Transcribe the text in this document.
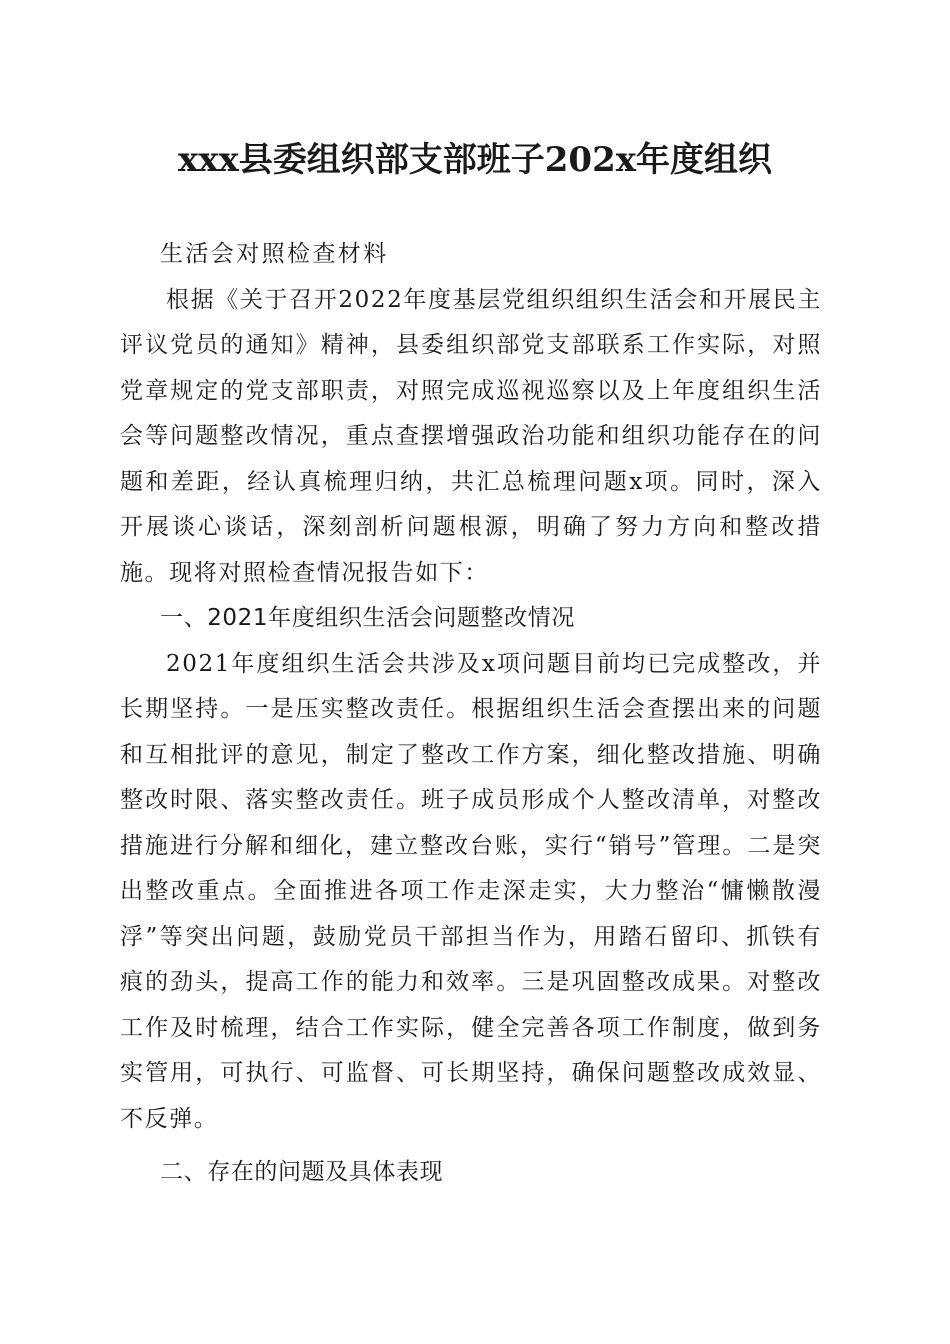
xxx县委组织部支部班子202x年度组织

生活会对照检查材料

根据《关于召开2022年度基层党组织组织生活会和开展民主评议党员的通知》精神，县委组织部党支部联系工作实际，对照党章规定的党支部职责，对照完成巡视巡察以及上年度组织生活会等问题整改情况，重点查摆增强政治功能和组织功能存在的问题和差距，经认真梳理归纳，共汇总梳理问题x项。同时，深入开展谈心谈话，深刻剖析问题根源，明确了努力方向和整改措施。现将对照检查情况报告如下：

一、2021年度组织生活会问题整改情况

2021年度组织生活会共涉及x项问题目前均已完成整改，并长期坚持。一是压实整改责任。根据组织生活会查摆出来的问题和互相批评的意见，制定了整改工作方案，细化整改措施、明确整改时限、落实整改责任。班子成员形成个人整改清单，对整改措施进行分解和细化，建立整改台账，实行“销号”管理。二是突出整改重点。全面推进各项工作走深走实，大力整治“慵懒散漫浮”等突出问题，鼓励党员干部担当作为，用踏石留印、抓铁有痕的劲头，提高工作的能力和效率。三是巩固整改成果。对整改工作及时梳理，结合工作实际，健全完善各项工作制度，做到务实管用，可执行、可监督、可长期坚持，确保问题整改成效显、不反弹。

二、存在的问题及具体表现
